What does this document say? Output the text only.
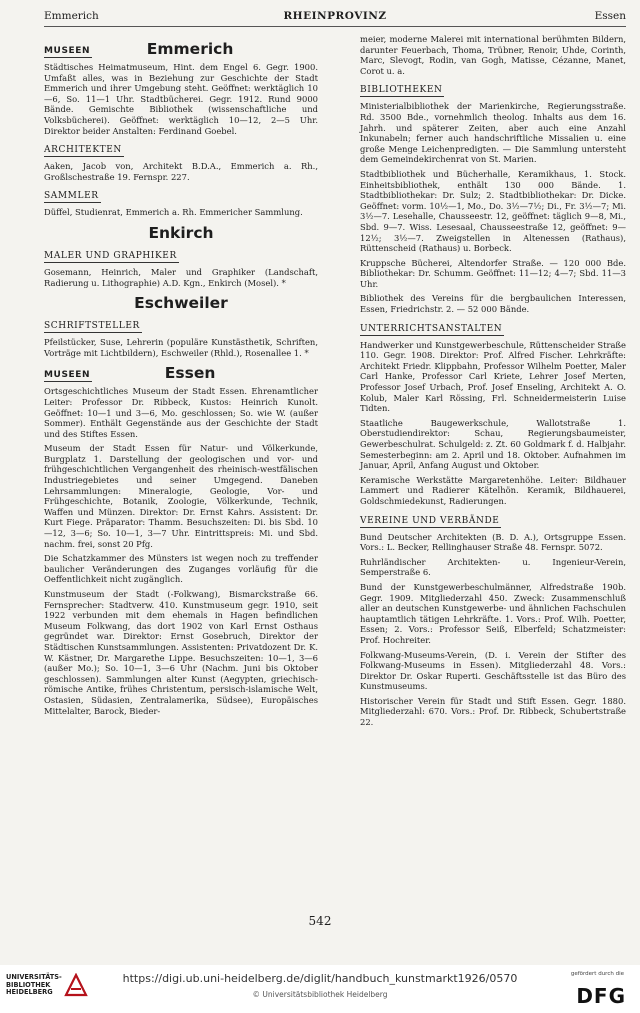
Emmerich	RHEINPROVINZ	Essen
MUSEEN	Emmerich
Städtisches Heimatmuseum, Hint. dem Engel 6. Gegr. 1900. Umfaßt alles, was in Beziehung zur Geschichte der Stadt Emmerich und ihrer Umgebung steht. Geöffnet: werktäglich 10—6, So. 11—1 Uhr. Stadtbücherei. Gegr. 1912. Rund 9000 Bände. Gemischte Bibliothek (wissenschaftliche und Volksbücherei). Geöffnet: werktäglich 10—12, 2—5 Uhr. Direktor beider Anstalten: Ferdinand Goebel.
ARCHITEKTEN
Aaken, Jacob von, Architekt B.D.A., Emmerich a. Rh., Großlschestraße 19. Fernspr. 227.
SAMMLER
Düffel, Studienrat, Emmerich a. Rh. Emmericher Sammlung.
Enkirch
MALER UND GRAPHIKER
Gosemann, Heinrich, Maler und Graphiker (Landschaft, Radierung u. Lithographie) A.D. Kgn., Enkirch (Mosel). *
Eschweiler
SCHRIFTSTELLER
Pfeilstücker, Suse, Lehrerin (populäre Kunstästhetik, Schriften, Vorträge mit Lichtbildern), Eschweiler (Rhld.), Rosenallee 1. *
MUSEEN	Essen
Ortsgeschichtliches Museum der Stadt Essen. Ehrenamtlicher Leiter: Professor Dr. Ribbeck, Kustos: Heinrich Kunolt. Geöffnet: 10—1 und 3—6, Mo. geschlossen; So. wie W. (außer Sommer). Enthält Gegenstände aus der Geschichte der Stadt und des Stiftes Essen.
Museum der Stadt Essen für Natur- und Völkerkunde, Burgplatz 1. Darstellung der geologischen und vor- und frühgeschichtlichen Vergangenheit des rheinisch-westfälischen Industriegebietes und seiner Umgegend. Daneben Lehrsammlungen: Mineralogie, Geologie, Vor- und Frühgeschichte, Botanik, Zoologie, Völkerkunde, Technik, Waffen und Münzen. Direktor: Dr. Ernst Kahrs. Assistent: Dr. Kurt Fiege. Präparator: Thamm. Besuchszeiten: Di. bis Sbd. 10—12, 3—6; So. 10—1, 3—7 Uhr. Eintrittspreis: Mi. und Sbd. nachm. frei, sonst 20 Pfg.
Die Schatzkammer des Münsters ist wegen noch zu treffender baulicher Veränderungen des Zuganges vorläufig für die Oeffentlichkeit nicht zugänglich.
Kunstmuseum der Stadt (-Folkwang), Bismarckstraße 66. Fernsprecher: Stadtverw. 410. Kunstmuseum gegr. 1910, seit 1922 verbunden mit dem ehemals in Hagen befindlichen Museum Folkwang, das dort 1902 von Karl Ernst Osthaus gegründet war. Direktor: Ernst Gosebruch, Direktor der Städtischen Kunstsammlungen. Assistenten: Privatdozent Dr. K. W. Kästner, Dr. Margarethe Lippe. Besuchszeiten: 10—1, 3—6 (außer Mo.); So. 10—1, 3—6 Uhr (Nachm. Juni bis Oktober geschlossen). Sammlungen alter Kunst (Aegypten, griechisch-römische Antike, frühes Christentum, persisch-islamische Welt, Ostasien, Südasien, Zentralamerika, Südsee), Europäisches Mittelalter, Barock, Bieder-
meier, moderne Malerei mit international berühmten Bildern, darunter Feuerbach, Thoma, Trübner, Renoir, Uhde, Corinth, Marc, Slevogt, Rodin, van Gogh, Matisse, Cézanne, Manet, Corot u. a.
BIBLIOTHEKEN
Ministerialbibliothek der Marienkirche, Regierungsstraße. Rd. 3500 Bde., vornehmlich theolog. Inhalts aus dem 16. Jahrh. und späterer Zeiten, aber auch eine Anzahl Inkunabeln; ferner auch handschriftliche Missalien u. eine große Menge Leichenpredigten. — Die Sammlung untersteht dem Gemeindekirchenrat von St. Marien.
Stadtbibliothek und Bücherhalle, Keramikhaus, 1. Stock. Einheitsbibliothek, enthält 130 000 Bände. 1. Stadtbibliothekar: Dr. Sulz; 2. Stadtbibliothekar: Dr. Dicke. Geöffnet: vorm. 10½—1, Mo., Do. 3½—7½; Di., Fr. 3½—7; Mi. 3½—7. Lesehalle, Chausseestr. 12, geöffnet: täglich 9—8, Mi., Sbd. 9—7. Wiss. Lesesaal, Chausseestraße 12, geöffnet: 9—12½; 3½—7. Zweigstellen in Altenessen (Rathaus), Rüttenscheid (Rathaus) u. Borbeck.
Kruppsche Bücherei, Altendorfer Straße. — 120 000 Bde. Bibliothekar: Dr. Schumm. Geöffnet: 11—12; 4—7; Sbd. 11—3 Uhr.
Bibliothek des Vereins für die bergbaulichen Interessen, Essen, Friedrichstr. 2. — 52 000 Bände.
UNTERRICHTSANSTALTEN
Handwerker und Kunstgewerbeschule, Rüttenscheider Straße 110. Gegr. 1908. Direktor: Prof. Alfred Fischer. Lehrkräfte: Architekt Friedr. Klippbahn, Professor Wilhelm Poetter, Maler Carl Hanke, Professor Carl Kriete, Lehrer Josef Merten, Professor Josef Urbach, Prof. Josef Enseling, Architekt A. O. Kolub, Maler Karl Rössing, Frl. Schneidermeisterin Luise Tidten.
Staatliche Baugewerkschule, Wallotstraße 1. Oberstudiendirektor: Schau, Regierungsbaumeister, Gewerbeschulrat. Schulgeld: z. Zt. 60 Goldmark f. d. Halbjahr. Semesterbeginn: am 2. April und 18. Oktober. Aufnahmen im Januar, April, Anfang August und Oktober.
Keramische Werkstätte Margaretenhöhe. Leiter: Bildhauer Lammert und Radierer Kätelhön. Keramik, Bildhauerei, Goldschmiedekunst, Radierungen.
VEREINE UND VERBÄNDE
Bund Deutscher Architekten (B. D. A.), Ortsgruppe Essen. Vors.: L. Becker, Rellinghauser Straße 48. Fernspr. 5072.
Ruhrländischer Architekten- u. Ingenieur-Verein, Semperstraße 6.
Bund der Kunstgewerbeschulmänner, Alfredstraße 190b. Gegr. 1909. Mitgliederzahl 450. Zweck: Zusammenschluß aller an deutschen Kunstgewerbe- und ähnlichen Fachschulen hauptamtlich tätigen Lehrkräfte. 1. Vors.: Prof. Wilh. Poetter, Essen; 2. Vors.: Professor Seiß, Elberfeld; Schatzmeister: Prof. Hochreiter.
Folkwang-Museums-Verein, (D. i. Verein der Stifter des Folkwang-Museums in Essen). Mitgliederzahl 48. Vors.: Direktor Dr. Oskar Ruperti. Geschäftsstelle ist das Büro des Kunstmuseums.
Historischer Verein für Stadt und Stift Essen. Gegr. 1880. Mitgliederzahl: 670. Vors.: Prof. Dr. Ribbeck, Schubertstraße 22.
542
UNIVERSITÄTS-BIBLIOTHEK HEIDELBERG
https://digi.ub.uni-heidelberg.de/diglit/handbuch_kunstmarkt1926/0570
© Universitätsbibliothek Heidelberg
gefördert durch die
DFG
